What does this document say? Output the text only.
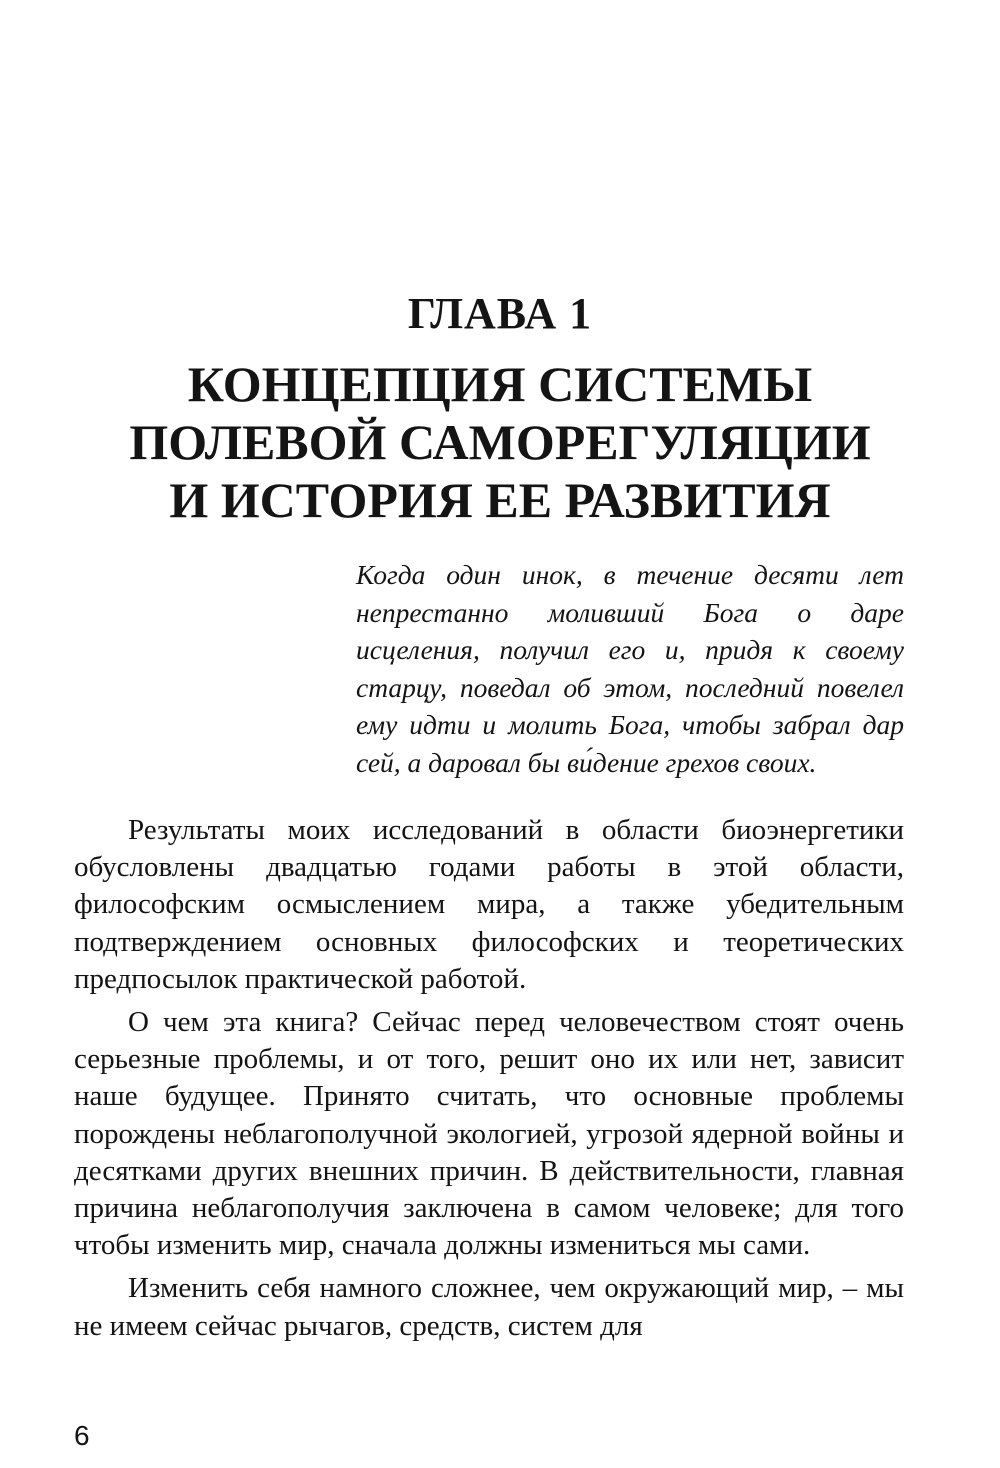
ГЛАВА 1
КОНЦЕПЦИЯ СИСТЕМЫ
ПОЛЕВОЙ САМОРЕГУЛЯЦИИ
И ИСТОРИЯ ЕЕ РАЗВИТИЯ

Когда один инок, в течение десяти лет непрестанно моливший Бога о даре исцеления, получил его и, придя к своему старцу, поведал об этом, последний повелел ему идти и молить Бога, чтобы забрал дар сей, а даровал бы ви́дение грехов своих.

Результаты моих исследований в области биоэнергетики обусловлены двадцатью годами работы в этой области, философским осмыслением мира, а также убедительным подтверждением основных философских и теоретических предпосылок практической работой.

О чем эта книга? Сейчас перед человечеством стоят очень серьезные проблемы, и от того, решит оно их или нет, зависит наше будущее. Принято считать, что основные проблемы порождены неблагополучной экологией, угрозой ядерной войны и десятками других внешних причин. В действительности, главная причина неблагополучия заключена в самом человеке; для того чтобы изменить мир, сначала должны измениться мы сами.

Изменить себя намного сложнее, чем окружающий мир, – мы не имеем сейчас рычагов, средств, систем для

6
